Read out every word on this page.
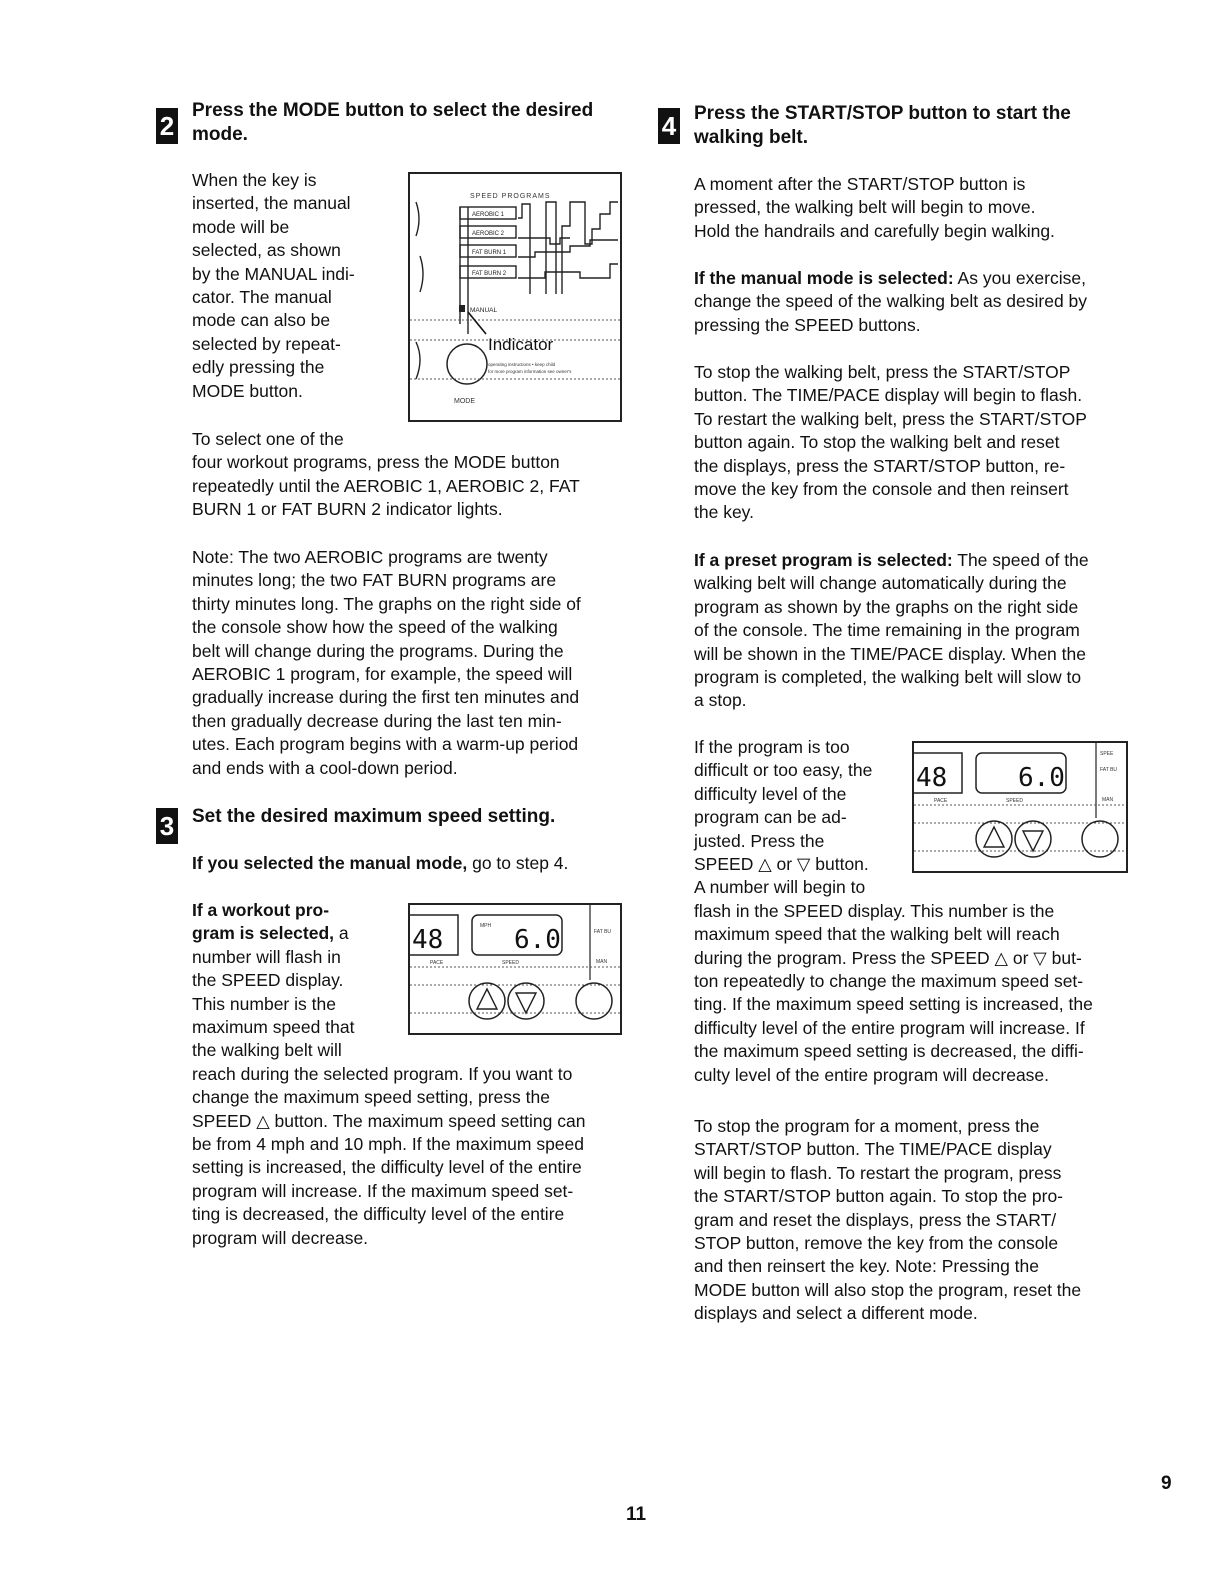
2
Press the MODE button to select the desired
mode.
When the key is
inserted, the manual
mode will be
selected, as shown
by the MANUAL indi-
cator. The manual
mode can also be
selected by repeat-
edly pressing the
MODE button.
SPEED PROGRAMS
AEROBIC 1
AEROBIC 2
FAT BURN 1
FAT BURN 2
MANUAL
Indicator
operating instructions • keep child
for more program information see owner's
MODE
To select one of the
four workout programs, press the MODE button
repeatedly until the AEROBIC 1, AEROBIC 2, FAT
BURN 1 or FAT BURN 2 indicator lights.
Note: The two AEROBIC programs are twenty
minutes long; the two FAT BURN programs are
thirty minutes long. The graphs on the right side of
the console show how the speed of the walking
belt will change during the programs. During the
AEROBIC 1 program, for example, the speed will
gradually increase during the first ten minutes and
then gradually decrease during the last ten min-
utes. Each program begins with a warm-up period
and ends with a cool-down period.
3 Set the desired maximum speed setting.
If you selected the manual mode, go to step 4.
If a workout pro-
gram is selected, a
number will flash in
the SPEED display.
This number is the
maximum speed that
the walking belt will
reach during the selected program. If you want to
change the maximum speed setting, press the
SPEED △ button. The maximum speed setting can
be from 4 mph and 10 mph. If the maximum speed
setting is increased, the difficulty level of the entire
program will increase. If the maximum speed set-
ting is decreased, the difficulty level of the entire
program will decrease.
48
PACE
MPH 6.0
SPEED
FAT BU
MAN
4 Press the START/STOP button to start the
walking belt.
A moment after the START/STOP button is
pressed, the walking belt will begin to move.
Hold the handrails and carefully begin walking.
If the manual mode is selected: As you exercise,
change the speed of the walking belt as desired by
pressing the SPEED buttons.
To stop the walking belt, press the START/STOP
button. The TIME/PACE display will begin to flash.
To restart the walking belt, press the START/STOP
button again. To stop the walking belt and reset
the displays, press the START/STOP button, re-
move the key from the console and then reinsert
the key.
If a preset program is selected: The speed of the
walking belt will change automatically during the
program as shown by the graphs on the right side
of the console. The time remaining in the program
will be shown in the TIME/PACE display. When the
program is completed, the walking belt will slow to
a stop.
If the program is too
difficult or too easy, the
difficulty level of the
program can be ad-
justed. Press the
SPEED △ or ▽ button.
A number will begin to
flash in the SPEED display. This number is the
maximum speed that the walking belt will reach
during the program. Press the SPEED △ or ▽ but-
ton repeatedly to change the maximum speed set-
ting. If the maximum speed setting is increased, the
difficulty level of the entire program will increase. If
the maximum speed setting is decreased, the diffi-
culty level of the entire program will decrease.
48
PACE
6.0
SPEED
SPEE
FAT BU
MAN
To stop the program for a moment, press the
START/STOP button. The TIME/PACE display
will begin to flash. To restart the program, press
the START/STOP button again. To stop the pro-
gram and reset the displays, press the START/
STOP button, remove the key from the console
and then reinsert the key. Note: Pressing the
MODE button will also stop the program, reset the
displays and select a different mode.
11
9
